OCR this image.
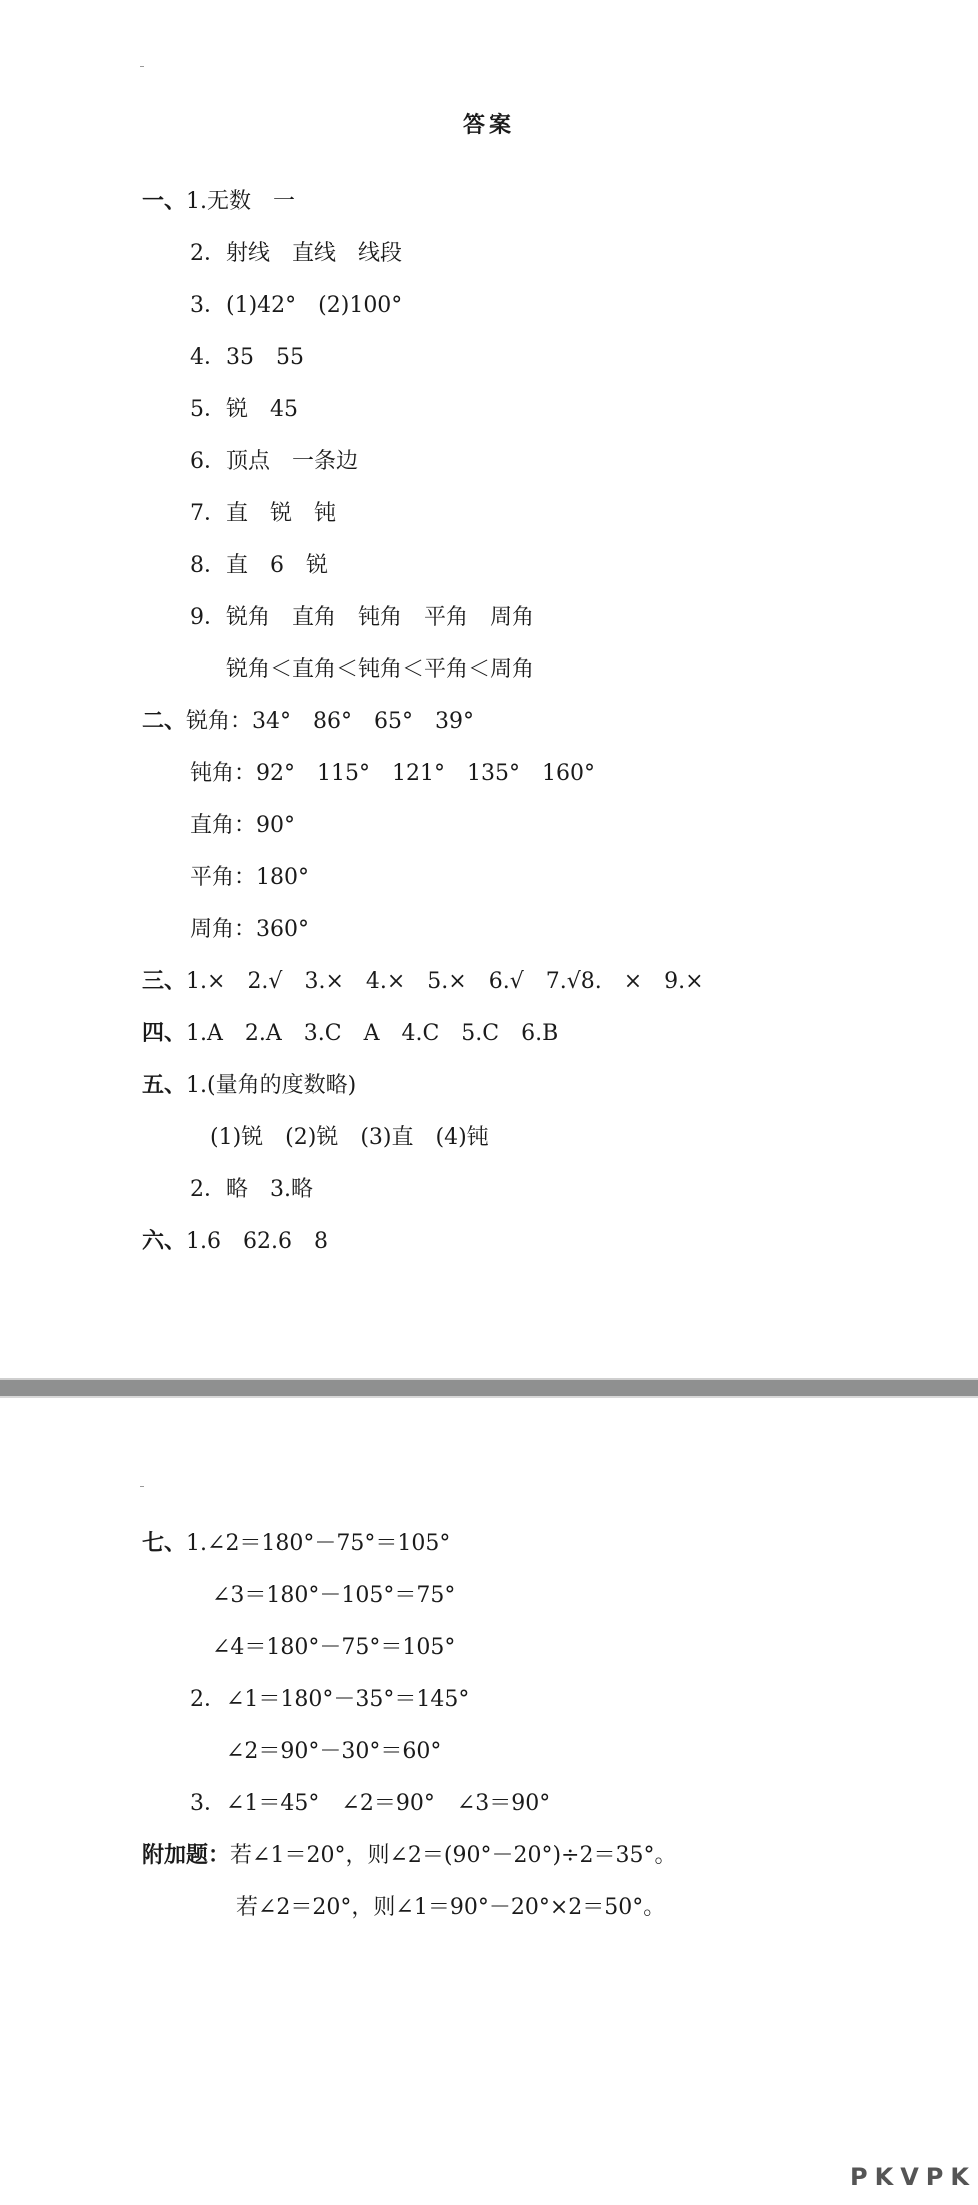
答案
一、1.无数　一
2．射线　直线　线段
3．(1)42°　(2)100°
4．35　55
5．锐　45
6．顶点　一条边
7．直　锐　钝
8．直　6　锐
9．锐角　直角　钝角　平角　周角
锐角＜直角＜钝角＜平角＜周角
二、锐角：34°　86°　65°　39°
钝角：92°　115°　121°　135°　160°
直角：90°
平角：180°
周角：360°
三、1.×　2.√　3.×　4.×　5.×　6.√　7.√8.　×　9.×
四、1.A　2.A　3.C　A　4.C　5.C　6.B
五、1.(量角的度数略)
(1)锐　(2)锐　(3)直　(4)钝
2．略　3.略
六、1.6　62.6　8
七、1.∠2＝180°－75°＝105°
∠3＝180°－105°＝75°
∠4＝180°－75°＝105°
2．∠1＝180°－35°＝145°
∠2＝90°－30°＝60°
3．∠1＝45°　∠2＝90°　∠3＝90°
附加题：若∠1＝20°，则∠2＝(90°－20°)÷2＝35°。
若∠2＝20°，则∠1＝90°－20°×2＝50°。
PKVPK
